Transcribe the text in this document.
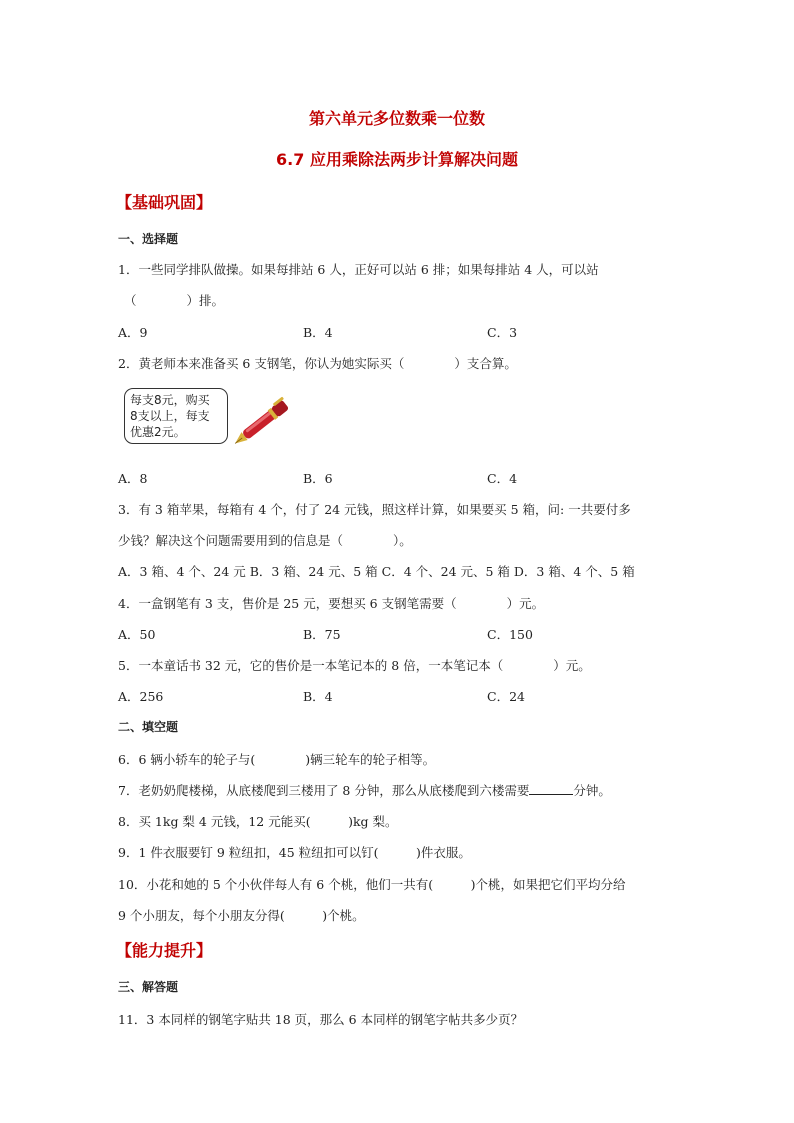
第六单元多位数乘一位数
6.7 应用乘除法两步计算解决问题
【基础巩固】
一、选择题
1．一些同学排队做操。如果每排站 6 人，正好可以站 6 排；如果每排站 4 人，可以站
（　　　　）排。
A．9	B．4	C．3
2．黄老师本来准备买 6 支钢笔，你认为她实际买（　　　　）支合算。
每支8元，购买
8支以上，每支
优惠2元。
A．8	B．6	C．4
3．有 3 箱苹果，每箱有 4 个，付了 24 元钱，照这样计算，如果要买 5 箱，问: 一共要付多
少钱？解决这个问题需要用到的信息是（　　　　）。
A．3 箱、4 个、24 元 B．3 箱、24 元、5 箱 C．4 个、24 元、5 箱 D．3 箱、4 个、5 箱
4．一盒钢笔有 3 支，售价是 25 元，要想买 6 支钢笔需要（　　　　）元。
A．50	B．75	C．150
5．一本童话书 32 元，它的售价是一本笔记本的 8 倍，一本笔记本（　　　　）元。
A．256	B．4	C．24
二、填空题
6．6 辆小轿车的轮子与(　　　　)辆三轮车的轮子相等。
7．老奶奶爬楼梯，从底楼爬到三楼用了 8 分钟，那么从底楼爬到六楼需要	分钟。
8．买 1kg 梨 4 元钱，12 元能买(　　　)kg 梨。
9．1 件衣服要钉 9 粒纽扣，45 粒纽扣可以钉(　　　)件衣服。
10．小花和她的 5 个小伙伴每人有 6 个桃，他们一共有(　　　)个桃，如果把它们平均分给
9 个小朋友，每个小朋友分得(　　　)个桃。
【能力提升】
三、解答题
11．3 本同样的钢笔字贴共 18 页，那么 6 本同样的钢笔字帖共多少页？
